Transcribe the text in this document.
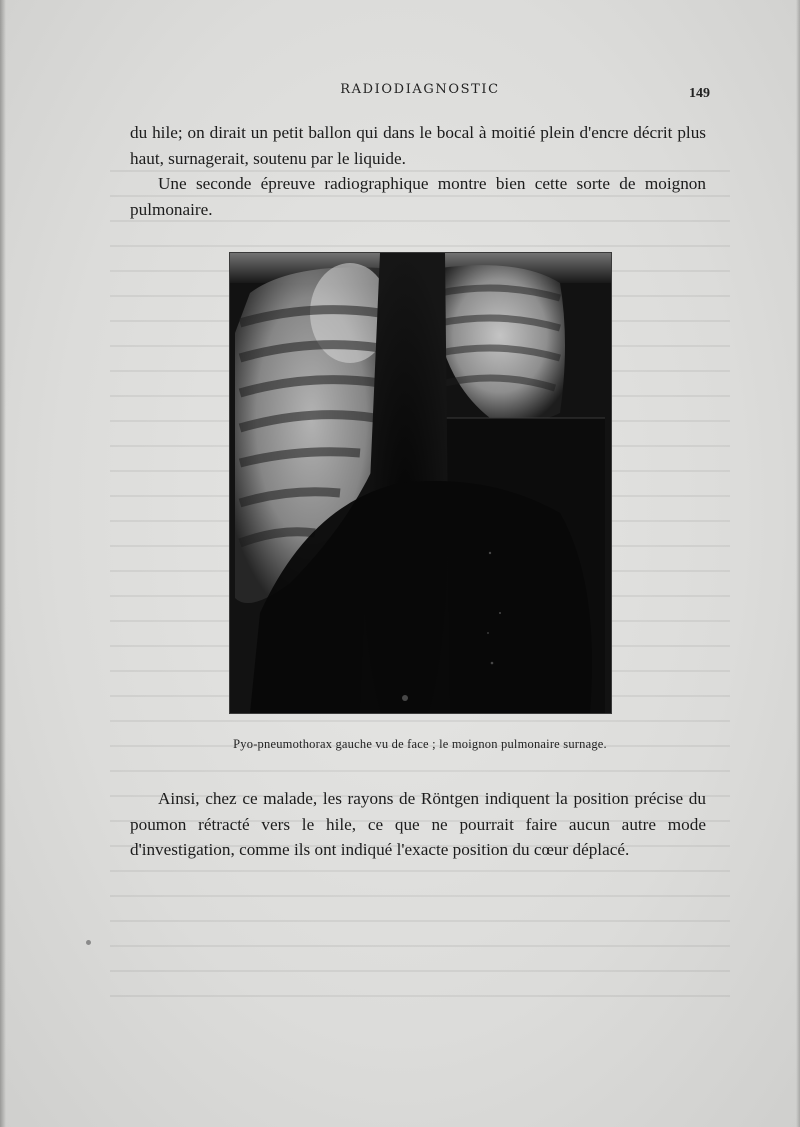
RADIODIAGNOSTIC	149

du hile; on dirait un petit ballon qui dans le bocal à moitié plein d'encre décrit plus haut, surnagerait, soutenu par le liquide.

Une seconde épreuve radiographique montre bien cette sorte de moignon pulmonaire.

Pyo-pneumothorax gauche vu de face ; le moignon pulmonaire surnage.

Ainsi, chez ce malade, les rayons de Röntgen indiquent la position précise du poumon rétracté vers le hile, ce que ne pourrait faire aucun autre mode d'investigation, comme ils ont indiqué l'exacte position du cœur déplacé.
